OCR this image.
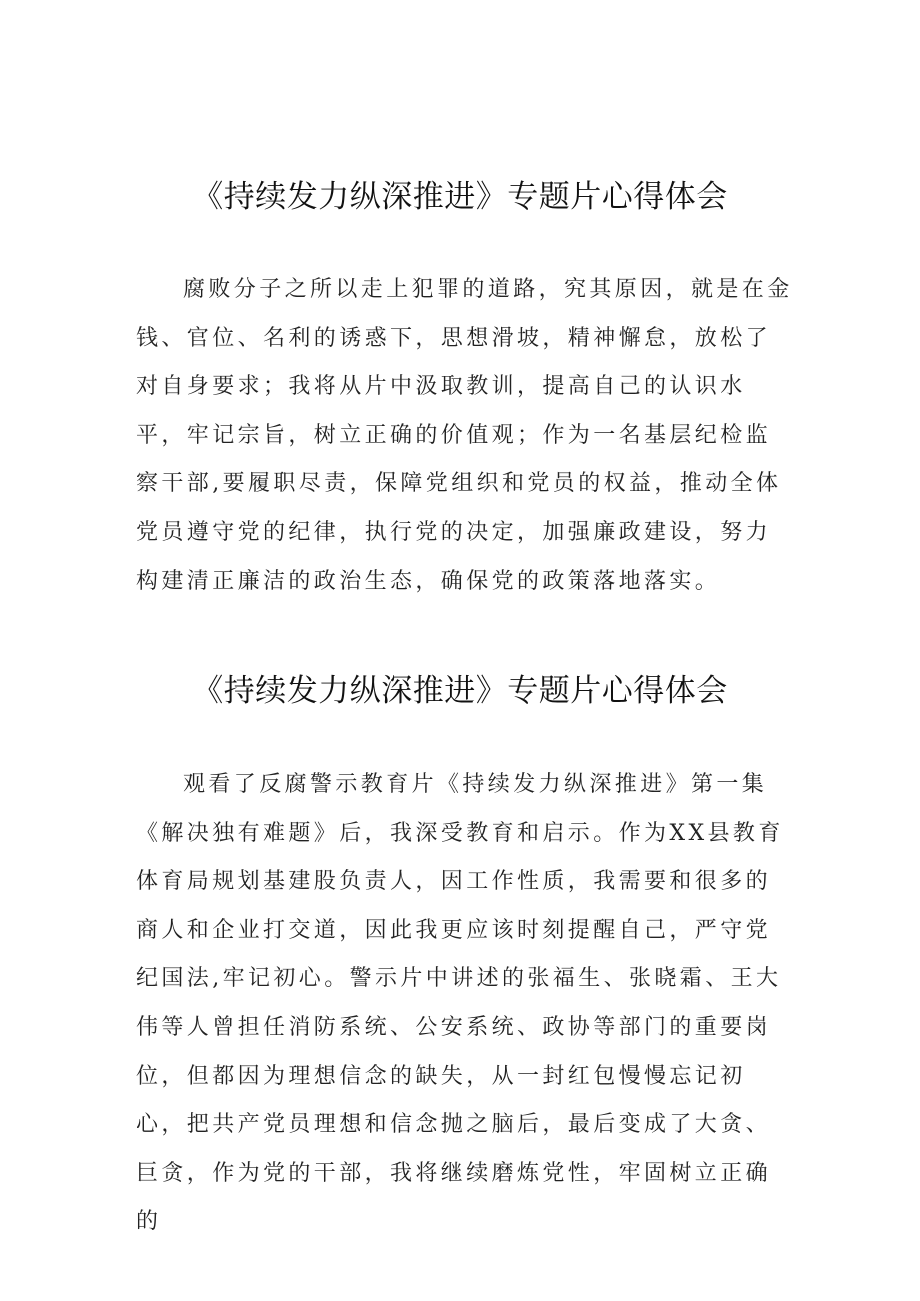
《持续发力纵深推进》专题片心得体会

腐败分子之所以走上犯罪的道路，究其原因，就是在金钱、官位、名利的诱惑下，思想滑坡，精神懈怠，放松了对自身要求；我将从片中汲取教训，提高自己的认识水平，牢记宗旨，树立正确的价值观；作为一名基层纪检监察干部,要履职尽责，保障党组织和党员的权益，推动全体党员遵守党的纪律，执行党的决定，加强廉政建设，努力构建清正廉洁的政治生态，确保党的政策落地落实。

《持续发力纵深推进》专题片心得体会

观看了反腐警示教育片《持续发力纵深推进》第一集《解决独有难题》后，我深受教育和启示。作为XX县教育体育局规划基建股负责人，因工作性质，我需要和很多的商人和企业打交道，因此我更应该时刻提醒自己，严守党纪国法,牢记初心。警示片中讲述的张福生、张晓霜、王大伟等人曾担任消防系统、公安系统、政协等部门的重要岗位，但都因为理想信念的缺失，从一封红包慢慢忘记初心，把共产党员理想和信念抛之脑后，最后变成了大贪、巨贪，作为党的干部，我将继续磨炼党性，牢固树立正确的
